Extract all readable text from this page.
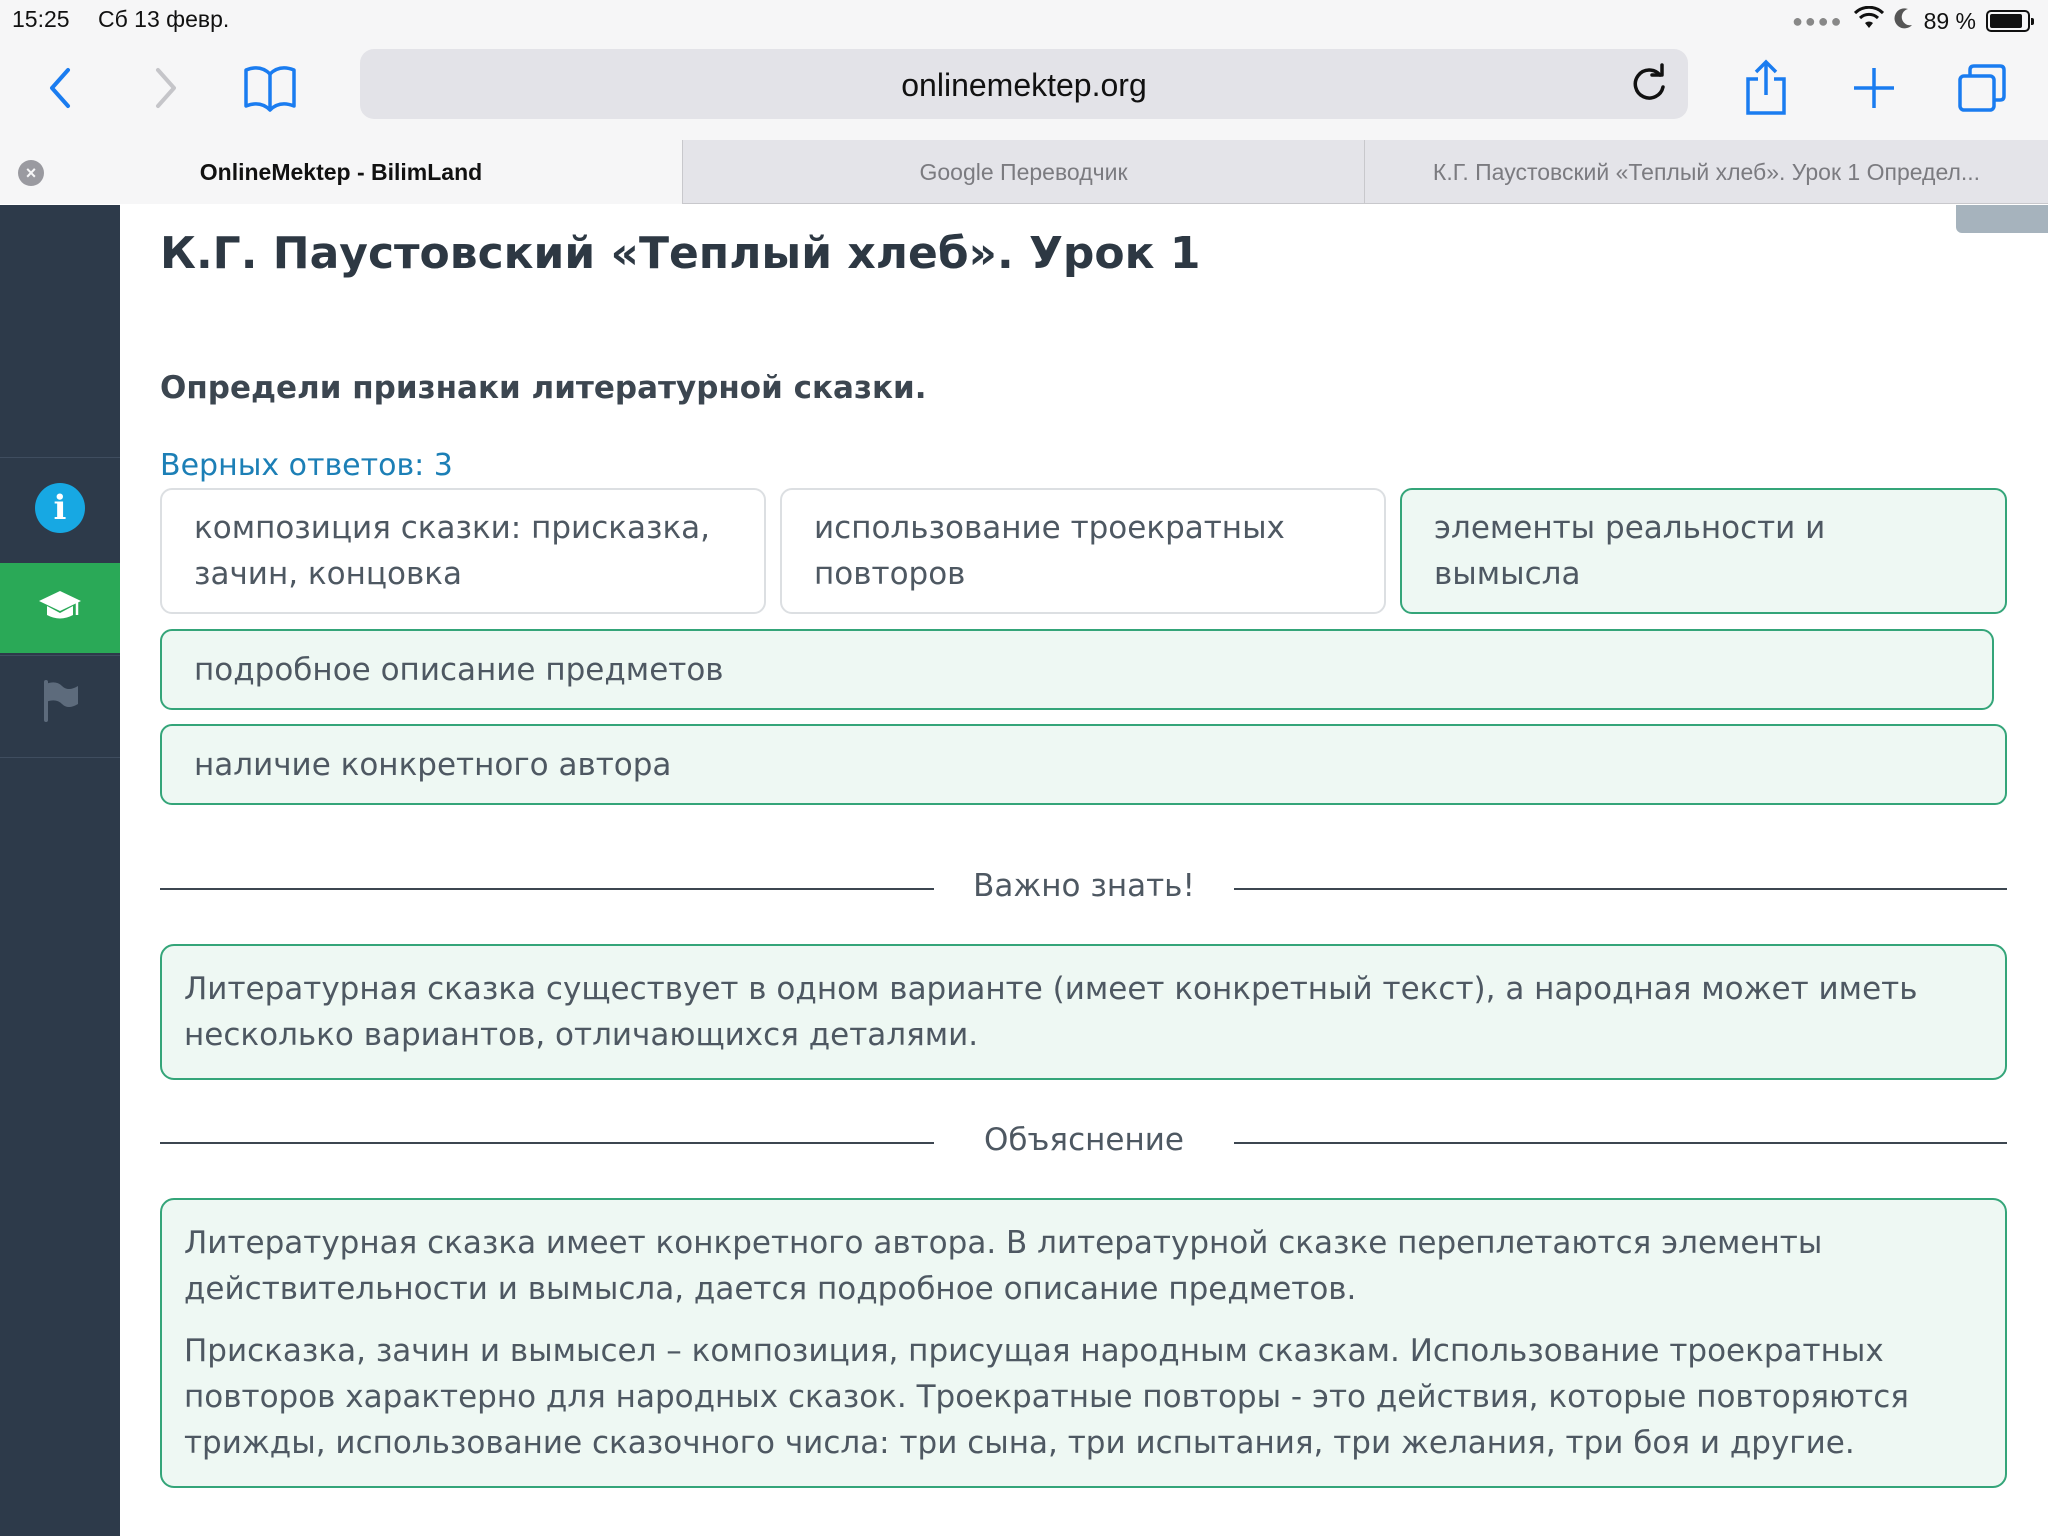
15:25 Сб 13 февр.	●●●●	89 %
onlinemektep.org
×	OnlineMektep - BilimLand	Google Переводчик	К.Г. Паустовский «Теплый хлеб». Урок 1 Определ...
i
К.Г. Паустовский «Теплый хлеб». Урок 1
Определи признаки литературной сказки.
Верных ответов: 3
композиция сказки: присказка, зачин, концовка
использование троекратных повторов
элементы реальности и вымысла
подробное описание предметов
наличие конкретного автора
Важно знать!

Литературная сказка существует в одном варианте (имеет конкретный текст), а народная может иметь несколько вариантов, отличающихся деталями.

Объяснение

Литературная сказка имеет конкретного автора. В литературной сказке переплетаются элементы действительности и вымысла, дается подробное описание предметов.

Присказка, зачин и вымысел – композиция, присущая народным сказкам. Использование троекратных повторов характерно для народных сказок. Троекратные повторы - это действия, которые повторяются трижды, использование сказочного числа: три сына, три испытания, три желания, три боя и другие.
